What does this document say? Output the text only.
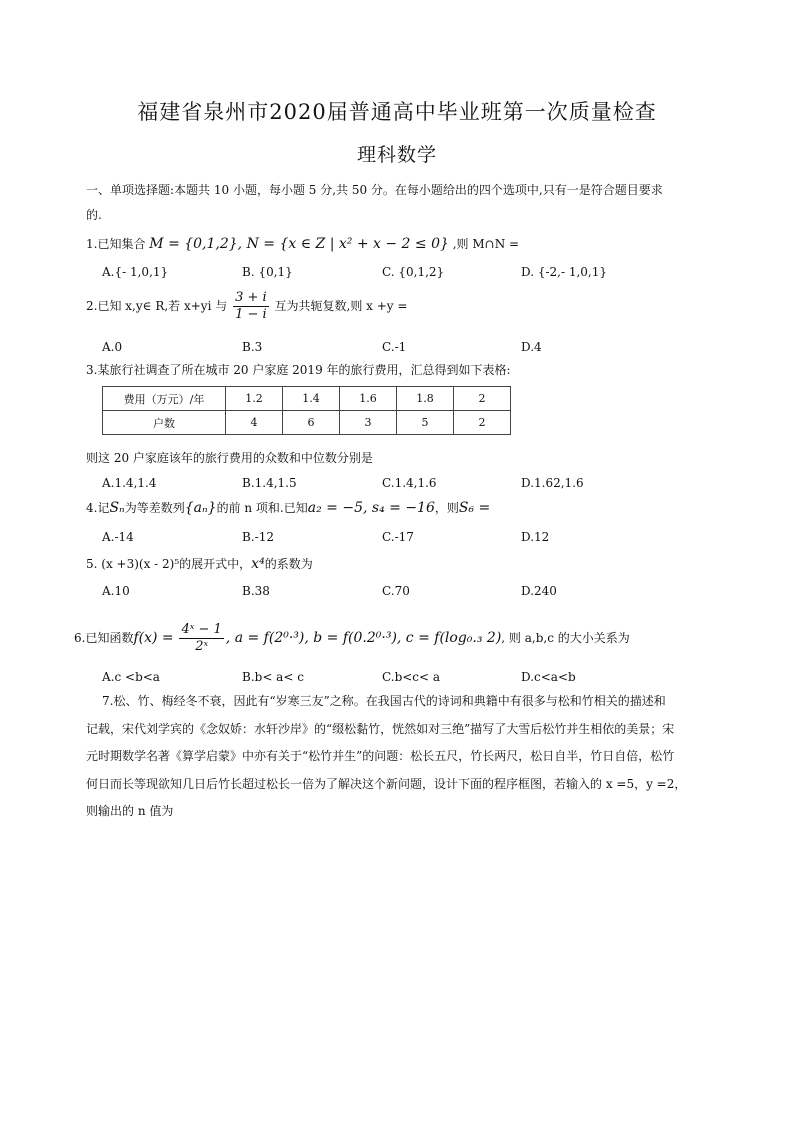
福建省泉州市2020届普通高中毕业班第一次质量检查
理科数学
一、单项选择题:本题共 10 小题，每小题 5 分,共 50 分。在每小题给出的四个选项中,只有一是符合题目要求
的.
1.已知集合 M = {0,1,2}, N = {x ∈ Z | x² + x − 2 ≤ 0} ,则 M∩N =
A.{- 1,0,1}	B. {0,1}	C. {0,1,2}	D. {-2,- 1,0,1}
2.已知 x,y∈ R,若 x+yi 与 $\frac{3 + i}{1 - i}$ 互为共轭复数,则 x +y =
A.0	B.3	C.-1	D.4
3.某旅行社调查了所在城市 20 户家庭 2019 年的旅行费用，汇总得到如下表格:
费用（万元）/年	1.2	1.4	1.6	1.8	2
户数	4	6	3	5	2
则这 20 户家庭该年的旅行费用的众数和中位数分别是
A.1.4,1.4	B.1.4,1.5	C.1.4,1.6	D.1.62,1.6
4.记Sₙ为等差数列{aₙ}的前 n 项和.已知a₂ = −5, s₄ = −16，则S₆ =
A.-14	B.-12	C.-17	D.12
5. (x +3)(x - 2)⁵的展开式中，x⁴的系数为
A.10	B.38	C.70	D.240
6.已知函数$f(x) = \frac{\text{4ˣ − 1}}{\text{2ˣ}}$ , a = f(2⁰·³), b = f(0.2⁰·³), c = f(log₀.₃ 2), 则 a,b,c 的大小关系为
A.c <b<a	B.b< a< c	C.b<c< a	D.c<a<b
7.松、竹、梅经冬不衰，因此有“岁寒三友”之称。在我国古代的诗词和典籍中有很多与松和竹相关的描述和
记载，宋代刘学宾的《念奴娇：水轩沙岸》的“缀松黏竹，恍然如对三绝”描写了大雪后松竹并生相依的美景；宋
元时期数学名著《算学启蒙》中亦有关于“松竹并生”的问题：松长五尺，竹长两尺，松日自半，竹日自倍，松竹
何日而长等现欲知几日后竹长超过松长一倍为了解决这个新问题，设计下面的程序框图，若输入的 x =5，y =2，
则输出的 n 值为
